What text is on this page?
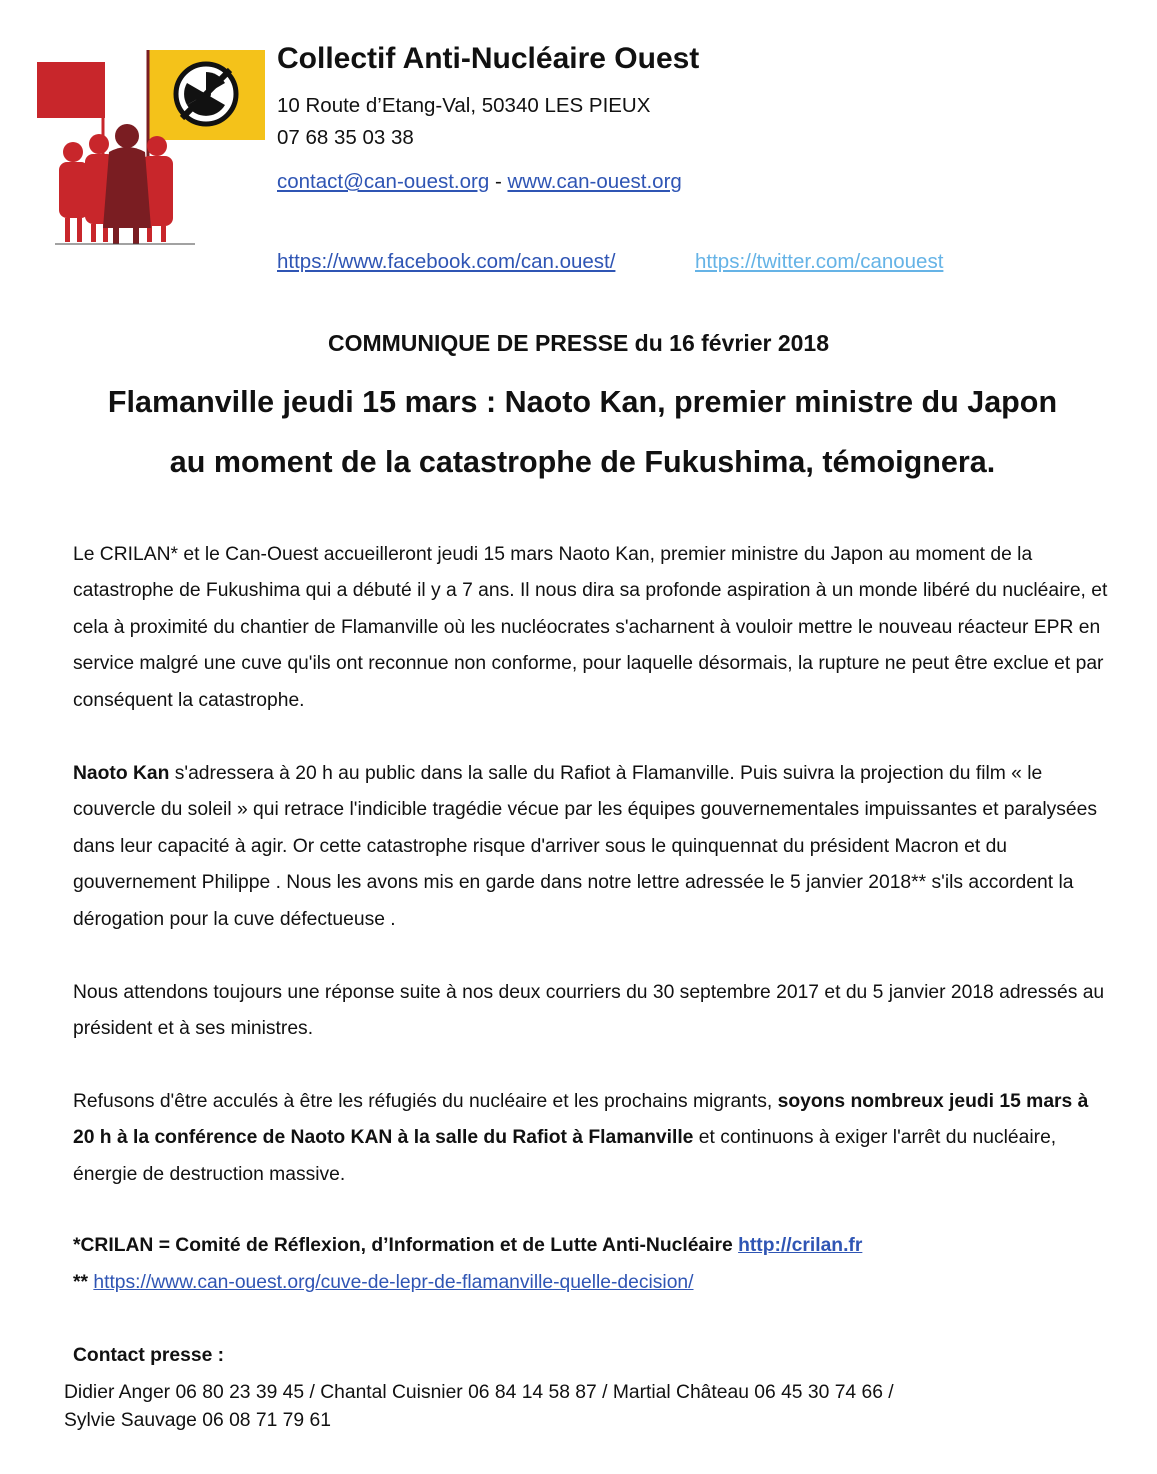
Collectif Anti-Nucléaire Ouest
10 Route d’Etang-Val, 50340 LES PIEUX
07 68 35 03 38
contact@can-ouest.org - www.can-ouest.org
https://www.facebook.com/can.ouest/	https://twitter.com/canouest
COMMUNIQUE DE PRESSE du 16 février 2018
Flamanville jeudi 15 mars : Naoto Kan, premier ministre du Japon
au moment de la catastrophe de Fukushima, témoignera.

Le CRILAN* et le Can-Ouest accueilleront jeudi 15 mars Naoto Kan, premier ministre du Japon au moment de la catastrophe de Fukushima qui a débuté il y a 7 ans. Il nous dira sa profonde aspiration à un monde libéré du nucléaire, et cela à proximité du chantier de Flamanville où les nucléocrates s'acharnent à vouloir mettre le nouveau réacteur EPR en service malgré une cuve qu'ils ont reconnue non conforme, pour laquelle désormais, la rupture ne peut être exclue et par conséquent la catastrophe.

Naoto Kan s'adressera à 20 h au public dans la salle du Rafiot à Flamanville. Puis suivra la projection du film « le couvercle du soleil » qui retrace l'indicible tragédie vécue par les équipes gouvernementales impuissantes et paralysées dans leur capacité à agir. Or cette catastrophe risque d'arriver sous le quinquennat du président Macron et du gouvernement Philippe . Nous les avons mis en garde dans notre lettre adressée le 5 janvier 2018** s'ils accordent la dérogation pour la cuve défectueuse .

Nous attendons toujours une réponse suite à nos deux courriers du 30 septembre 2017 et du 5 janvier 2018 adressés au président et à ses ministres.

Refusons d'être acculés à être les réfugiés du nucléaire et les prochains migrants, soyons nombreux jeudi 15 mars à 20 h à la conférence de Naoto KAN à la salle du Rafiot à Flamanville et continuons à exiger l'arrêt du nucléaire, énergie de destruction massive.

*CRILAN = Comité de Réflexion, d’Information et de Lutte Anti-Nucléaire http://crilan.fr
** https://www.can-ouest.org/cuve-de-lepr-de-flamanville-quelle-decision/
Contact presse :
Didier Anger 06 80 23 39 45 / Chantal Cuisnier 06 84 14 58 87 / Martial Château 06 45 30 74 66 /
Sylvie Sauvage 06 08 71 79 61
